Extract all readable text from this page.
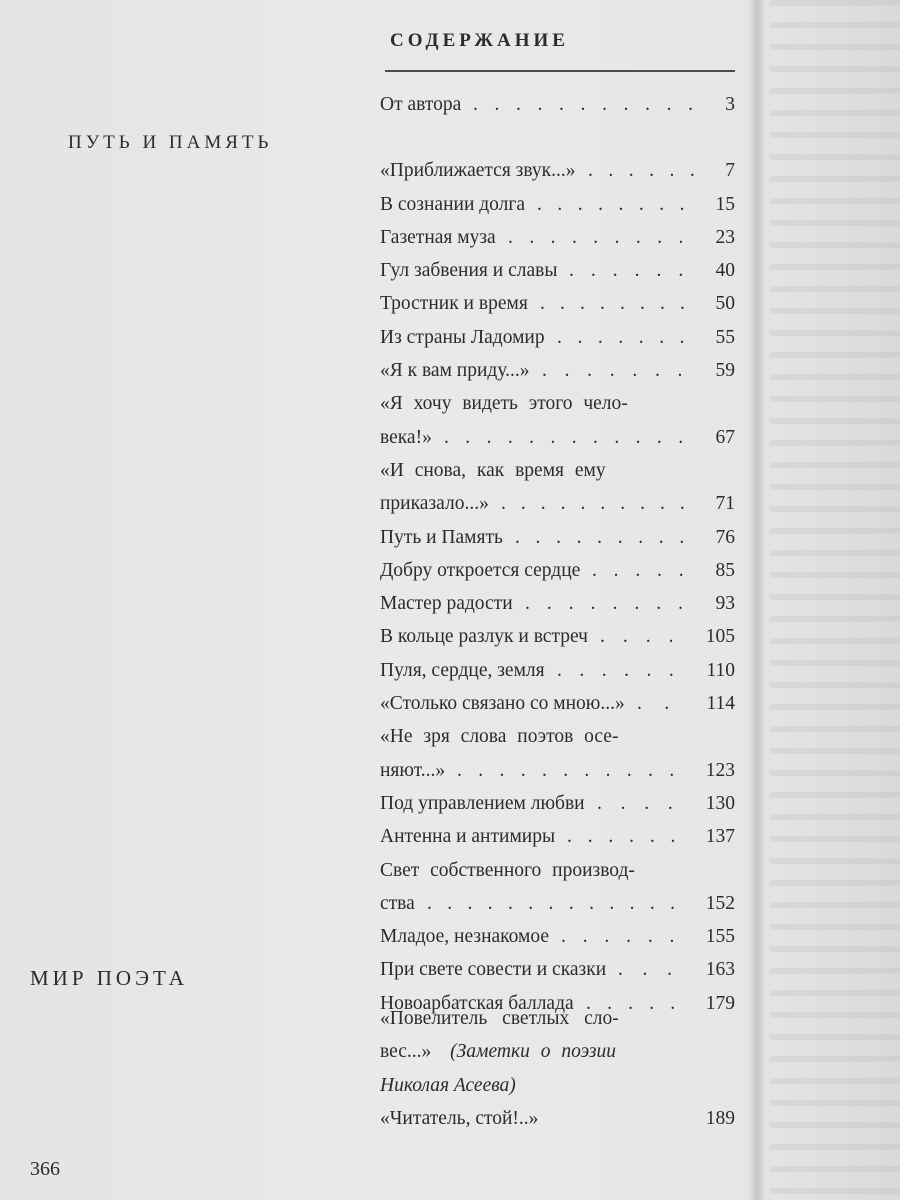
СОДЕРЖАНИЕ
ПУТЬ И ПАМЯТЬ
МИР ПОЭТА
От автора ........... 3
«Приближается звук...» ...... 7
В сознании долга ........ 15
Газетная муза ......... 23
Гул забвения и славы ...... 40
Тростник и время ........ 50
Из страны Ладомир ....... 55
«Я к вам приду...» ....... 59
«Я хочу видеть этого чело-
века!» ............ 67
«И снова, как время ему
приказало...» .......... 71
Путь и Память ......... 76
Добру откроется сердце ..... 85
Мастер радости ........ 93
В кольце разлук и встреч .... 105
Пуля, сердце, земля ...... 110
«Столько связано со мною...» .. 114
«Не зря слова поэтов осе-
няют...» ........... 123
Под управлением любви .... 130
Антенна и антимиры ...... 137
Свет собственного производ-
ства ............. 152
Младое, незнакомое ...... 155
При свете совести и сказки ... 163
Новоарбатская баллада ..... 179
«Повелитель светлых сло-
вес...» (Заметки о поэзии
Николая Асеева)
«Читатель, стой!..»	189
366
